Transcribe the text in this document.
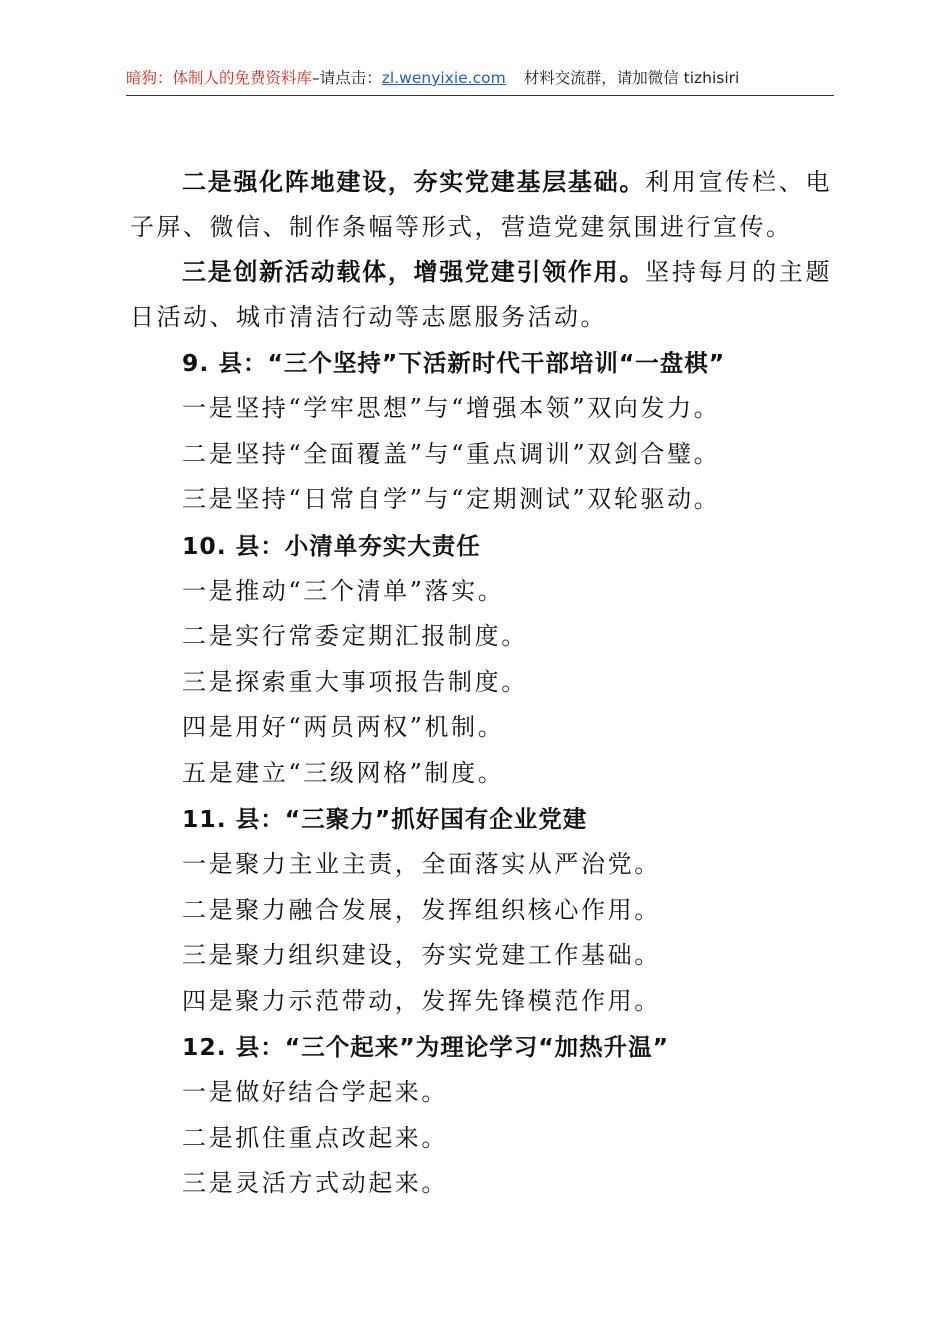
暗狗：体制人的免费资料库–请点击：zl.wenyixie.com 材料交流群，请加微信 tizhisiri

二是强化阵地建设，夯实党建基层基础。利用宣传栏、电子屏、微信、制作条幅等形式，营造党建氛围进行宣传。

三是创新活动载体，增强党建引领作用。坚持每月的主题日活动、城市清洁行动等志愿服务活动。

9. 县：“三个坚持”下活新时代干部培训“一盘棋”

一是坚持“学牢思想”与“增强本领”双向发力。

二是坚持“全面覆盖”与“重点调训”双剑合璧。

三是坚持“日常自学”与“定期测试”双轮驱动。

10. 县：小清单夯实大责任

一是推动“三个清单”落实。

二是实行常委定期汇报制度。

三是探索重大事项报告制度。

四是用好“两员两权”机制。

五是建立“三级网格”制度。

11. 县：“三聚力”抓好国有企业党建

一是聚力主业主责，全面落实从严治党。

二是聚力融合发展，发挥组织核心作用。

三是聚力组织建设，夯实党建工作基础。

四是聚力示范带动，发挥先锋模范作用。

12. 县：“三个起来”为理论学习“加热升温”

一是做好结合学起来。

二是抓住重点改起来。

三是灵活方式动起来。
